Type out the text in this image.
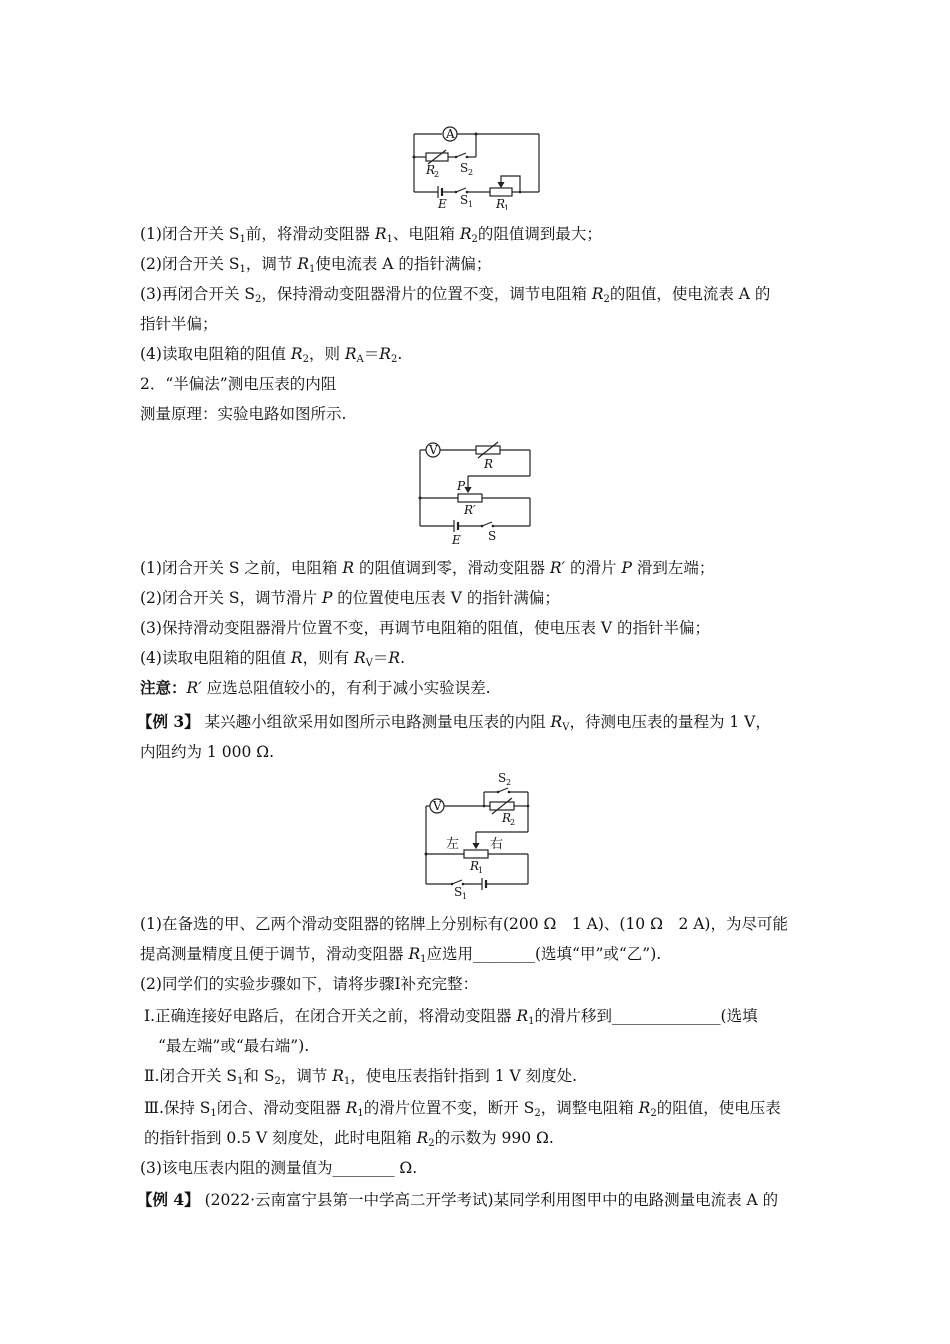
A
R
2 S 2
E S 1 R
1
(1)闭合开关 $S_1$前，将滑动变阻器 $R_1$、电阻箱 $R_2$的阻值调到最大；
(2)闭合开关 $S_1$，调节 $R_1$使电流表 A 的指针满偏；
(3)再闭合开关 $S_2$，保持滑动变阻器滑片的位置不变，调节电阻箱 $R_2$的阻值，使电流表 A 的
指针半偏；
(4)读取电阻箱的阻值 $R_2$，则 $R_A=R_2$.
2．“半偏法”测电压表的内阻
测量原理：实验电路如图所示.
V
R
P
R′
E S
(1)闭合开关 S 之前，电阻箱 R 的阻值调到零，滑动变阻器 R′ 的滑片 P 滑到左端；
(2)闭合开关 S，调节滑片 P 的位置使电压表 V 的指针满偏；
(3)保持滑动变阻器滑片位置不变，再调节电阻箱的阻值，使电压表 V 的指针半偏；
(4)读取电阻箱的阻值 R，则有 $R_V=R$.
注意：R′ 应选总阻值较小的，有利于减小实验误差.
【例 3】 某兴趣小组欲采用如图所示电路测量电压表的内阻 $R_V$，待测电压表的量程为 1 V，
内阻约为 1 000 Ω.
S 2
V
R
2
左 右
R
1
S 1
(1)在备选的甲、乙两个滑动变阻器的铭牌上分别标有(200 Ω　1 A)、(10 Ω　2 A)，为尽可能
提高测量精度且便于调节，滑动变阻器 $R_1$应选用________(选填“甲”或“乙”).
(2)同学们的实验步骤如下，请将步骤Ⅰ补充完整：
Ⅰ.正确连接好电路后，在闭合开关之前，将滑动变阻器 $R_1$的滑片移到______________(选填
“最左端”或“最右端”).
Ⅱ.闭合开关 $S_1$和 $S_2$，调节 $R_1$，使电压表指针指到 1 V 刻度处.
Ⅲ.保持 $S_1$闭合、滑动变阻器 $R_1$的滑片位置不变，断开 $S_2$，调整电阻箱 $R_2$的阻值，使电压表
的指针指到 0.5 V 刻度处，此时电阻箱 $R_2$的示数为 990 Ω.
(3)该电压表内阻的测量值为________ Ω.
【例 4】 (2022·云南富宁县第一中学高二开学考试)某同学利用图甲中的电路测量电流表 A 的
